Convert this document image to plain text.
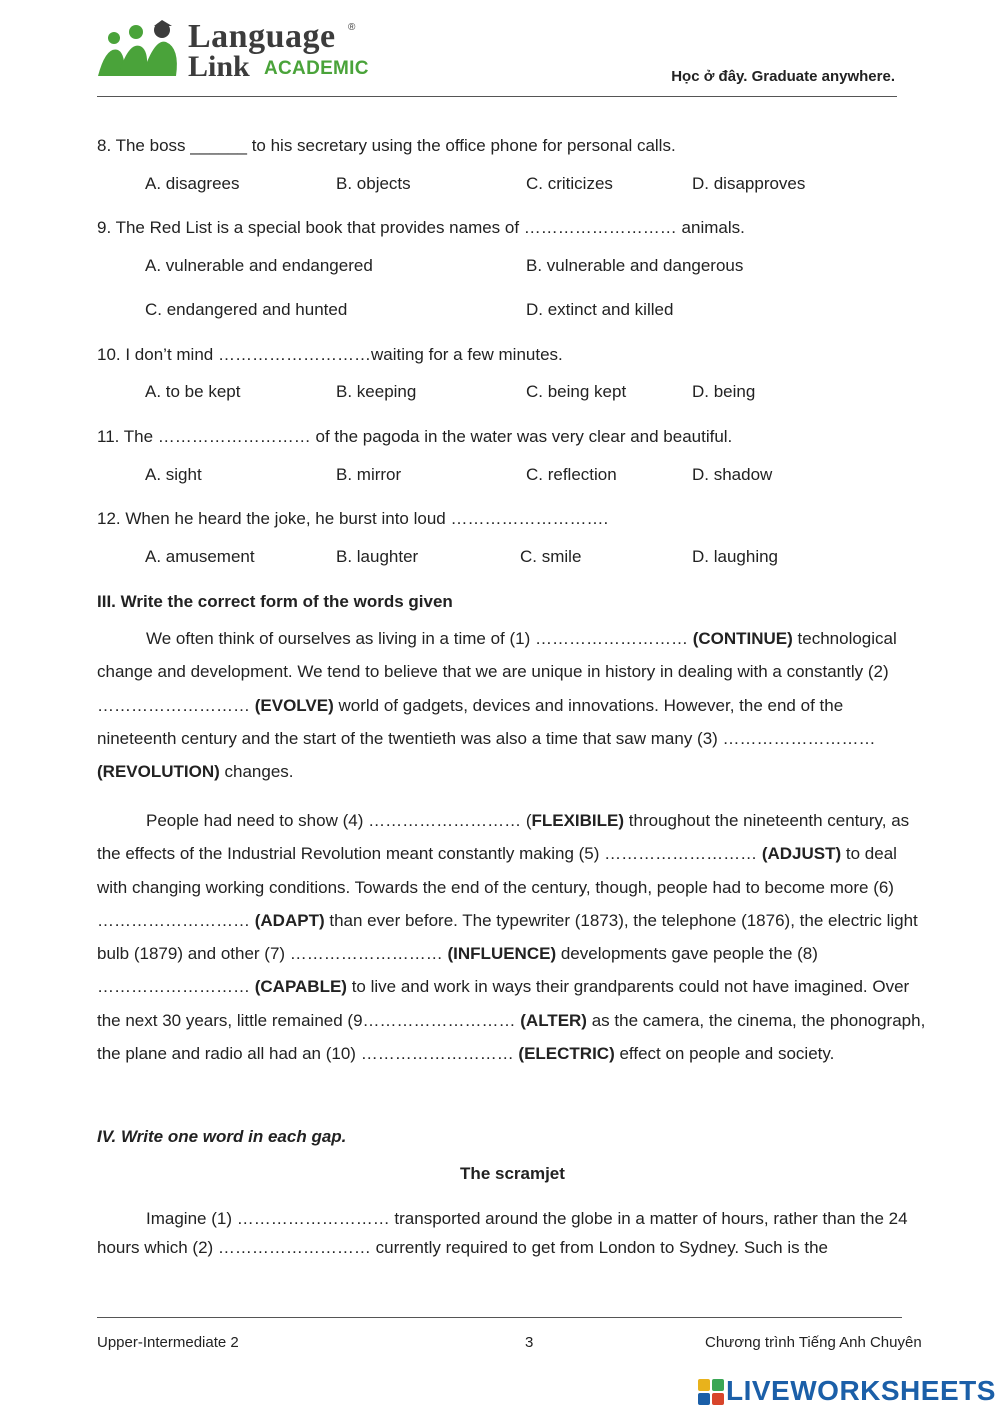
Language ®
Link ACADEMIC	Học ở đây. Graduate anywhere.
8. The boss ______ to his secretary using the office phone for personal calls.
A. disagrees	B. objects	C. criticizes	D. disapproves
9. The Red List is a special book that provides names of ……………………… animals.
A. vulnerable and endangered	B. vulnerable and dangerous
C. endangered and hunted	D. extinct and killed
10. I don’t mind ………………………waiting for a few minutes.
A. to be kept	B. keeping	C. being kept	D. being
11. The ……………………… of the pagoda in the water was very clear and beautiful.
A. sight	B. mirror	C. reflection	D. shadow
12. When he heard the joke, he burst into loud ……………………….
A. amusement	B. laughter	C. smile	D. laughing
III. Write the correct form of the words given
We often think of ourselves as living in a time of (1) ……………………… (CONTINUE) technological change and development. We tend to believe that we are unique in history in dealing with a constantly (2) ……………………… (EVOLVE) world of gadgets, devices and innovations. However, the end of the nineteenth century and the start of the twentieth was also a time that saw many (3) ……………………… (REVOLUTION) changes.
People had need to show (4) ……………………… (FLEXIBILE) throughout the nineteenth century, as the effects of the Industrial Revolution meant constantly making (5) ……………………… (ADJUST) to deal with changing working conditions. Towards the end of the century, though, people had to become more (6) ……………………… (ADAPT) than ever before. The typewriter (1873), the telephone (1876), the electric light bulb (1879) and other (7) ……………………… (INFLUENCE) developments gave people the (8) ……………………… (CAPABLE) to live and work in ways their grandparents could not have imagined. Over the next 30 years, little remained (9……………………… (ALTER) as the camera, the cinema, the phonograph, the plane and radio all had an (10) ……………………… (ELECTRIC) effect on people and society.
IV. Write one word in each gap.
The scramjet
Imagine (1) ……………………… transported around the globe in a matter of hours, rather than the 24 hours which (2) ……………………… currently required to get from London to Sydney. Such is the
Upper-Intermediate 2	3	Chương trình Tiếng Anh Chuyên
LIVEWORKSHEETS
